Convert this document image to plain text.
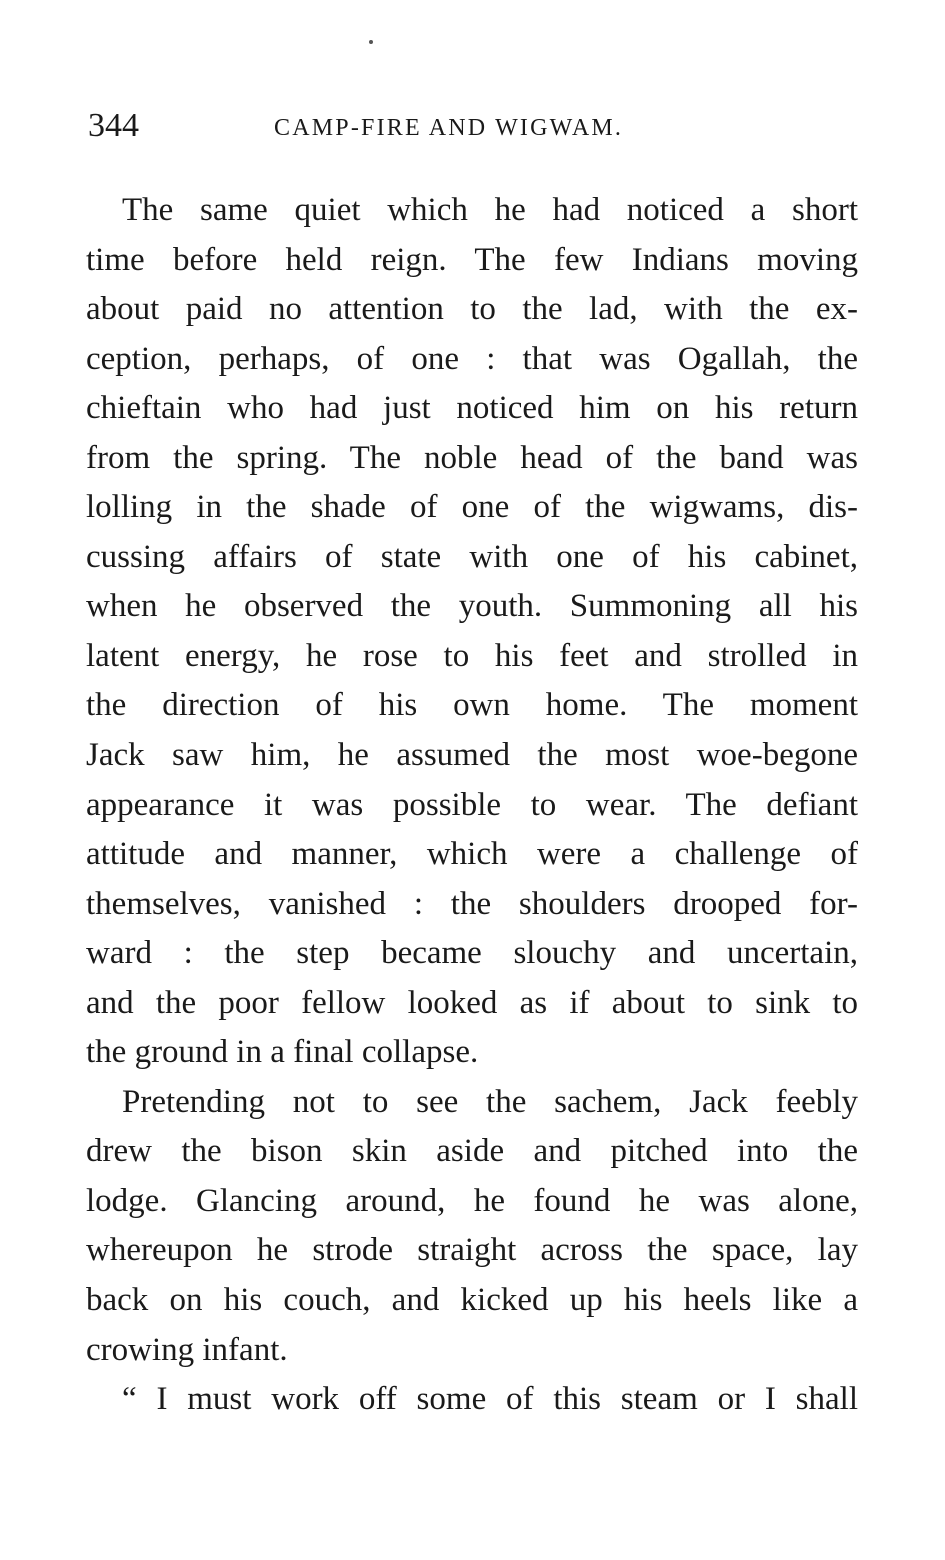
344	CAMP-FIRE AND WIGWAM.
The same quiet which he had noticed a short
time before held reign. The few Indians moving
about paid no attention to the lad, with the ex-
ception, perhaps, of one : that was Ogallah, the
chieftain who had just noticed him on his return
from the spring. The noble head of the band was
lolling in the shade of one of the wigwams, dis-
cussing affairs of state with one of his cabinet,
when he observed the youth. Summoning all his
latent energy, he rose to his feet and strolled in
the direction of his own home. The moment
Jack saw him, he assumed the most woe-begone
appearance it was possible to wear. The defiant
attitude and manner, which were a challenge of
themselves, vanished : the shoulders drooped for-
ward : the step became slouchy and uncertain,
and the poor fellow looked as if about to sink to
the ground in a final collapse.
Pretending not to see the sachem, Jack feebly
drew the bison skin aside and pitched into the
lodge. Glancing around, he found he was alone,
whereupon he strode straight across the space, lay
back on his couch, and kicked up his heels like a
crowing infant.
“ I must work off some of this steam or I shall
